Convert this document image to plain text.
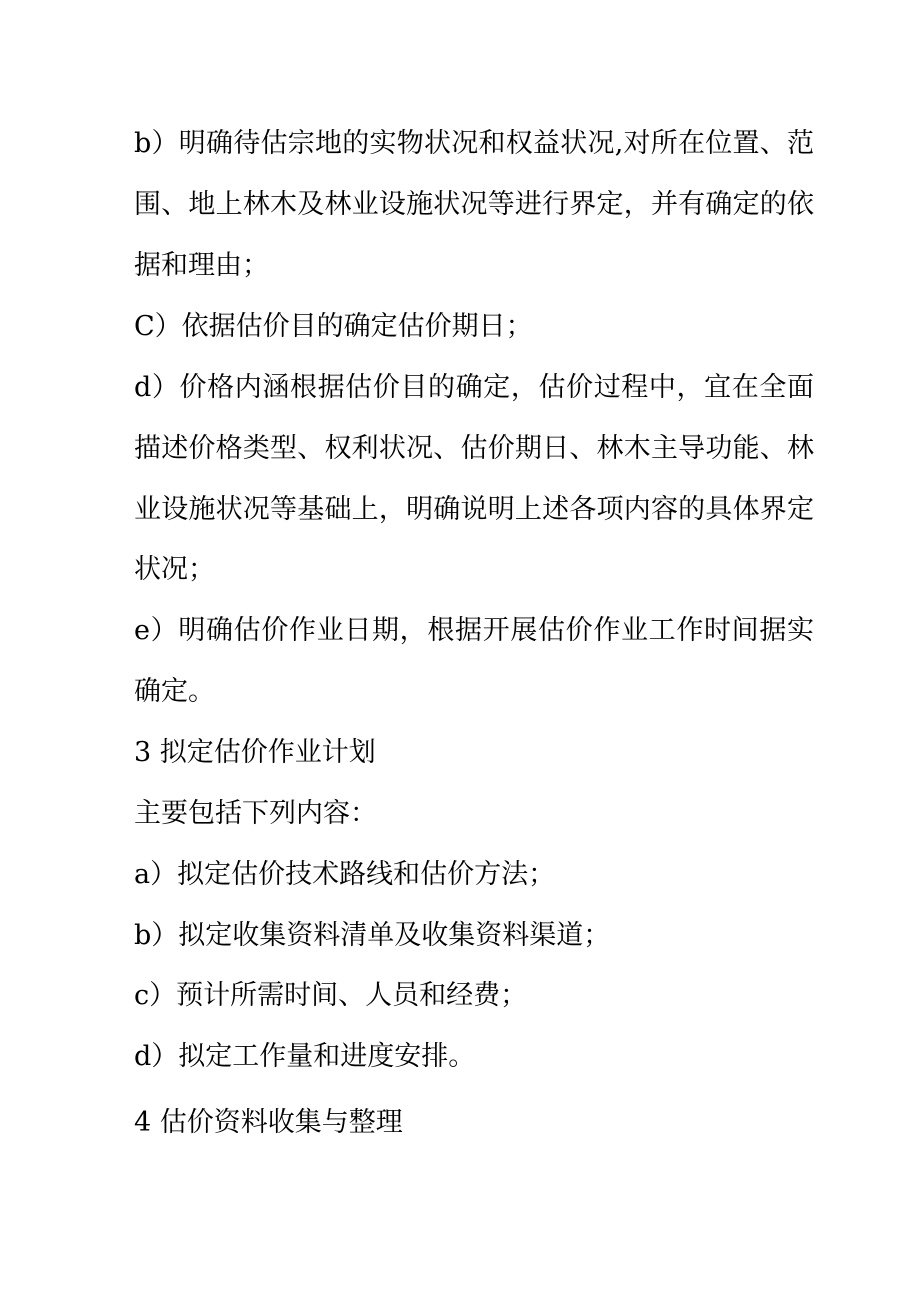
b）明确待估宗地的实物状况和权益状况,对所在位置、范
围、地上林木及林业设施状况等进行界定，并有确定的依
据和理由；
C）依据估价目的确定估价期日；
d）价格内涵根据估价目的确定，估价过程中，宜在全面
描述价格类型、权利状况、估价期日、林木主导功能、林
业设施状况等基础上，明确说明上述各项内容的具体界定
状况；
e）明确估价作业日期，根据开展估价作业工作时间据实
确定。
3 拟定估价作业计划
主要包括下列内容：
a）拟定估价技术路线和估价方法；
b）拟定收集资料清单及收集资料渠道；
c）预计所需时间、人员和经费；
d）拟定工作量和进度安排。
4 估价资料收集与整理
